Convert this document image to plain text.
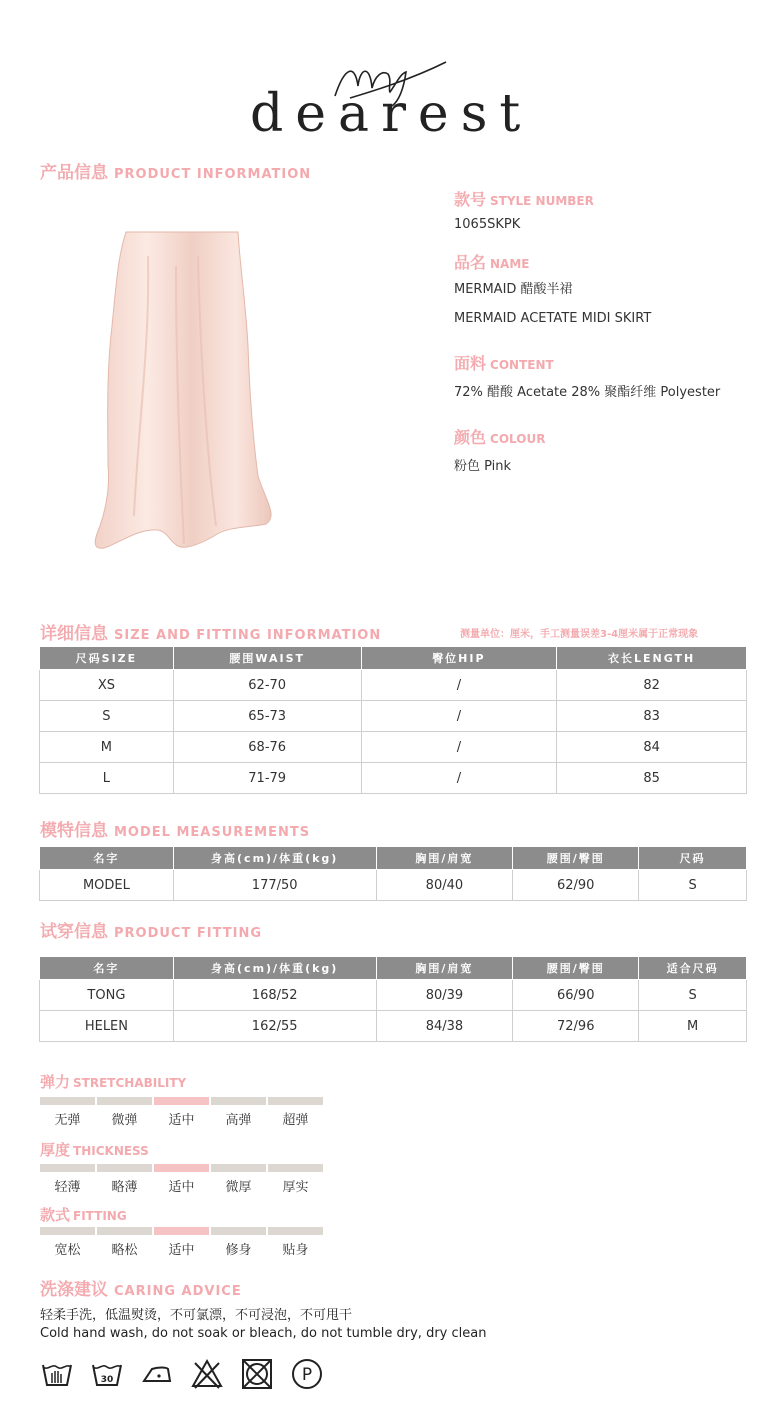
dearest
产品信息 PRODUCT INFORMATION
款号 STYLE NUMBER
1065SKPK
品名 NAME
MERMAID 醋酸半裙
MERMAID ACETATE MIDI SKIRT
面料 CONTENT
72% 醋酸 Acetate 28% 聚酯纤维 Polyester
颜色 COLOUR
粉色 Pink
详细信息 SIZE AND FITTING INFORMATION	测量单位：厘米，手工测量误差3-4厘米属于正常现象
尺码SIZE	腰围WAIST	臀位HIP	衣长LENGTH
XS	62-70	/	82
S	65-73	/	83
M	68-76	/	84
L	71-79	/	85
模特信息 MODEL MEASUREMENTS
名字	身高(cm)/体重(kg)	胸围/肩宽	腰围/臀围	尺码
MODEL	177/50	80/40	62/90	S
试穿信息 PRODUCT FITTING
名字	身高(cm)/体重(kg)	胸围/肩宽	腰围/臀围	适合尺码
TONG	168/52	80/39	66/90	S
HELEN	162/55	84/38	72/96	M
弹力 STRETCHABILITY
无弹	微弹	适中	高弹	超弹
厚度 THICKNESS
轻薄	略薄	适中	微厚	厚实
款式 FITTING
宽松	略松	适中	修身	贴身
洗涤建议 CARING ADVICE
轻柔手洗，低温熨烫，不可氯漂，不可浸泡，不可甩干
Cold hand wash, do not soak or bleach, do not tumble dry, dry clean
30	P
